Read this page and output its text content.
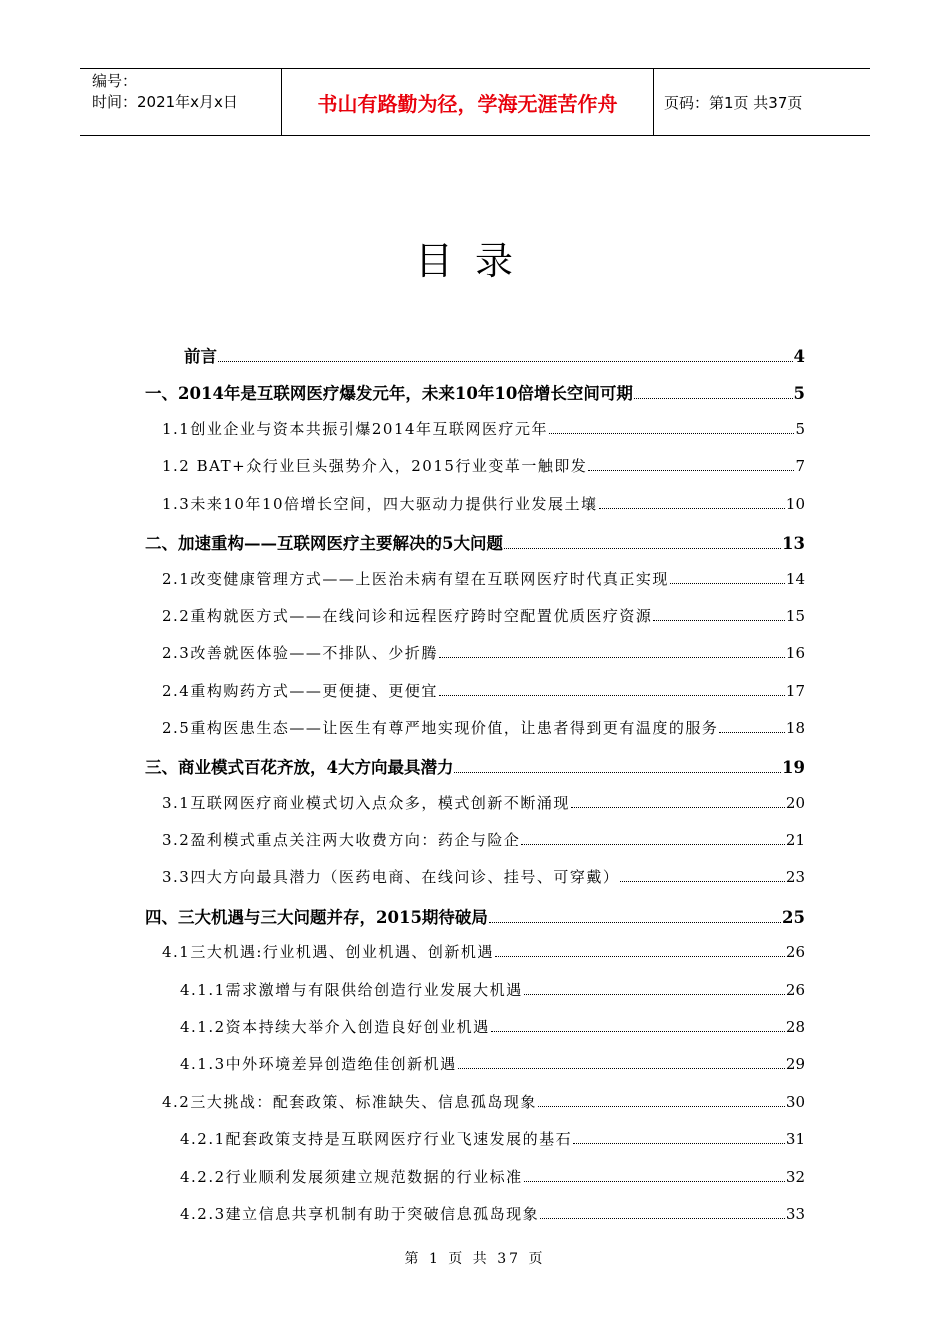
编号：
时间：2021年x月x日	书山有路勤为径，学海无涯苦作舟	页码：第1页 共37页
目录
前言	4
一、2014年是互联网医疗爆发元年，未来10年10倍增长空间可期	5
1.1创业企业与资本共振引爆2014年互联网医疗元年	5
1.2 BAT+众行业巨头强势介入，2015行业变革一触即发	7
1.3未来10年10倍增长空间，四大驱动力提供行业发展土壤	10
二、加速重构——互联网医疗主要解决的5大问题	13
2.1改变健康管理方式——上医治未病有望在互联网医疗时代真正实现	14
2.2重构就医方式——在线问诊和远程医疗跨时空配置优质医疗资源	15
2.3改善就医体验——不排队、少折腾	16
2.4重构购药方式——更便捷、更便宜	17
2.5重构医患生态——让医生有尊严地实现价值，让患者得到更有温度的服务	18
三、商业模式百花齐放，4大方向最具潜力	19
3.1互联网医疗商业模式切入点众多，模式创新不断涌现	20
3.2盈利模式重点关注两大收费方向：药企与险企	21
3.3四大方向最具潜力（医药电商、在线问诊、挂号、可穿戴）	23
四、三大机遇与三大问题并存，2015期待破局	25
4.1三大机遇:行业机遇、创业机遇、创新机遇	26
4.1.1需求激增与有限供给创造行业发展大机遇	26
4.1.2资本持续大举介入创造良好创业机遇	28
4.1.3中外环境差异创造绝佳创新机遇	29
4.2三大挑战：配套政策、标准缺失、信息孤岛现象	30
4.2.1配套政策支持是互联网医疗行业飞速发展的基石	31
4.2.2行业顺利发展须建立规范数据的行业标准	32
4.2.3建立信息共享机制有助于突破信息孤岛现象	33
第 1 页 共 37 页
